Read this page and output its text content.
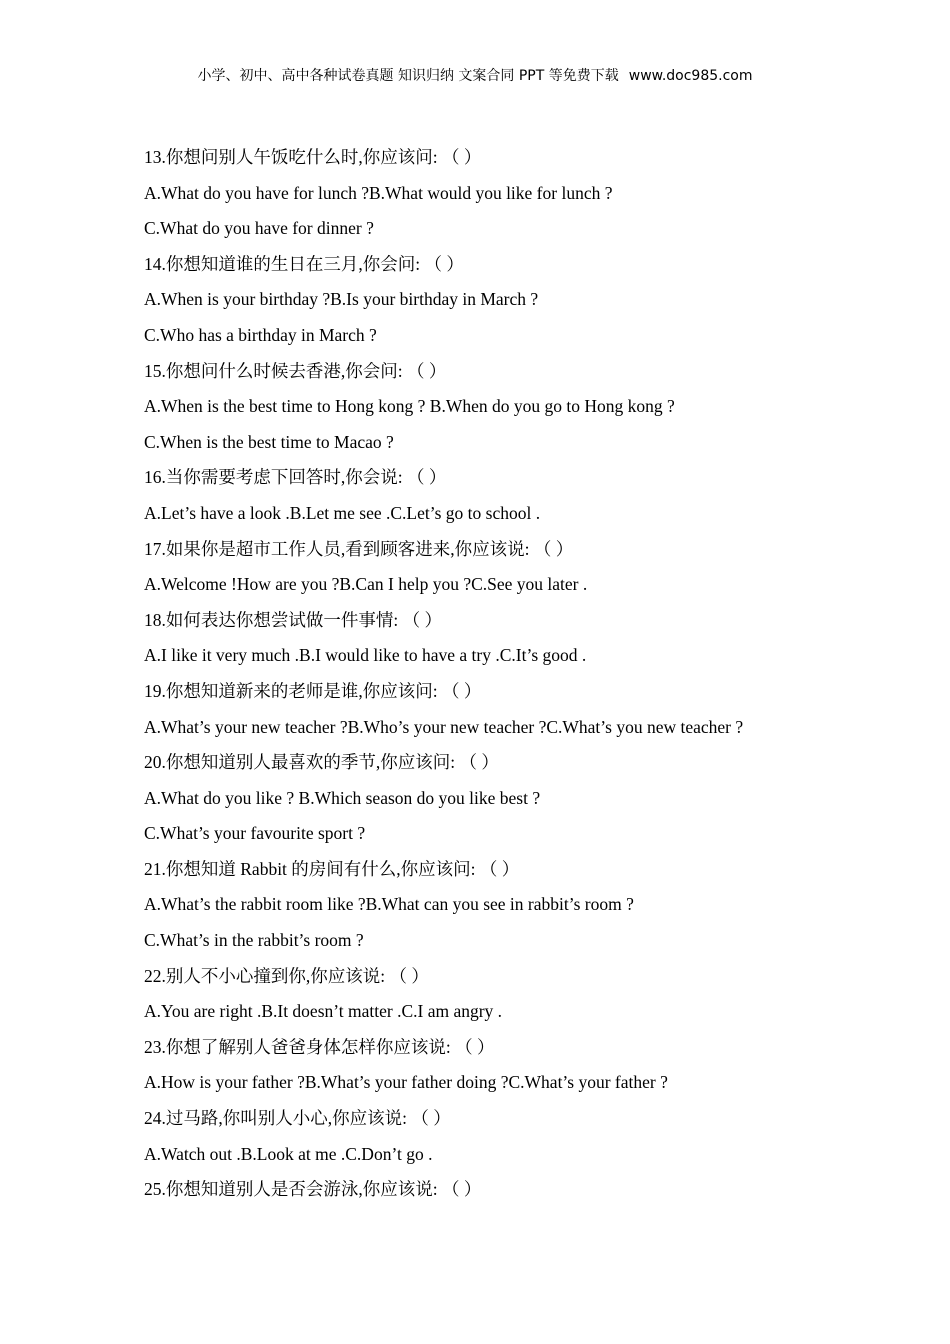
小学、初中、高中各种试卷真题 知识归纳 文案合同 PPT 等免费下载 www.doc985.com
13.你想问别人午饭吃什么时,你应该问: （ ）
A.What do you have for lunch ?B.What would you like for lunch ?
C.What do you have for dinner ?
14.你想知道谁的生日在三月,你会问: （ ）
A.When is your birthday ?B.Is your birthday in March ?
C.Who has a birthday in March ?
15.你想问什么时候去香港,你会问: （ ）
A.When is the best time to Hong kong ? B.When do you go to Hong kong ?
C.When is the best time to Macao ?
16.当你需要考虑下回答时,你会说: （ ）
A.Let’s have a look .B.Let me see .C.Let’s go to school .
17.如果你是超市工作人员,看到顾客进来,你应该说: （ ）
A.Welcome !How are you ?B.Can I help you ?C.See you later .
18.如何表达你想尝试做一件事情: （ ）
A.I like it very much .B.I would like to have a try .C.It’s good .
19.你想知道新来的老师是谁,你应该问: （ ）
A.What’s your new teacher ?B.Who’s your new teacher ?C.What’s you new teacher ?
20.你想知道别人最喜欢的季节,你应该问: （ ）
A.What do you like ? B.Which season do you like best ?
C.What’s your favourite sport ?
21.你想知道 Rabbit 的房间有什么,你应该问: （ ）
A.What’s the rabbit room like ?B.What can you see in rabbit’s room ?
C.What’s in the rabbit’s room ?
22.别人不小心撞到你,你应该说: （ ）
A.You are right .B.It doesn’t matter .C.I am angry .
23.你想了解别人爸爸身体怎样你应该说: （ ）
A.How is your father ?B.What’s your father doing ?C.What’s your father ?
24.过马路,你叫别人小心,你应该说: （ ）
A.Watch out .B.Look at me .C.Don’t go .
25.你想知道别人是否会游泳,你应该说: （ ）
